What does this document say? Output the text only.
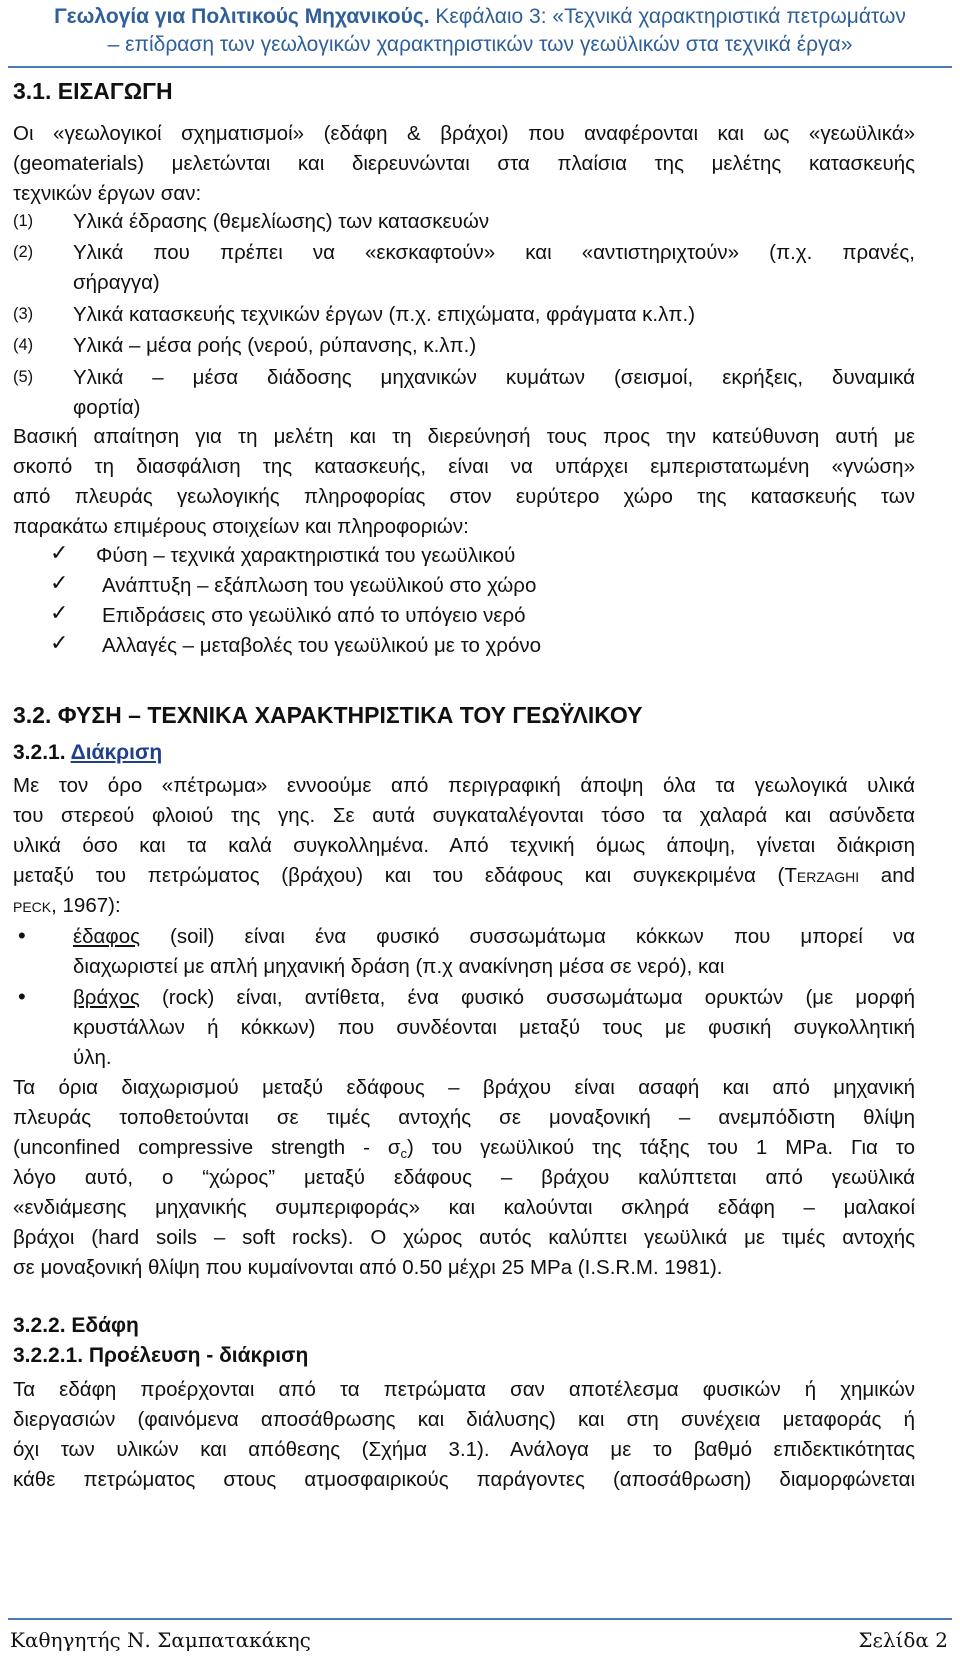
Γεωλογία για Πολιτικούς Μηχανικούς. Κεφάλαιο 3: «Τεχνικά χαρακτηριστικά πετρωμάτων
– επίδραση των γεωλογικών χαρακτηριστικών των γεωϋλικών στα τεχνικά έργα»
3.1. ΕΙΣΑΓΩΓΗ
Οι «γεωλογικοί σχηματισμοί» (εδάφη & βράχοι) που αναφέρονται και ως «γεωϋλικά»
(geomaterials) μελετώνται και διερευνώνται στα πλαίσια της μελέτης κατασκευής
τεχνικών έργων σαν:
(1) Υλικά έδρασης (θεμελίωσης) των κατασκευών
(2) Υλικά που πρέπει να «εκσκαφτούν» και «αντιστηριχτούν» (π.χ. πρανές,
σήραγγα)
(3) Υλικά κατασκευής τεχνικών έργων (π.χ. επιχώματα, φράγματα κ.λπ.)
(4) Υλικά – μέσα ροής (νερού, ρύπανσης, κ.λπ.)
(5) Υλικά – μέσα διάδοσης μηχανικών κυμάτων (σεισμοί, εκρήξεις, δυναμικά
φορτία)
Βασική απαίτηση για τη μελέτη και τη διερεύνησή τους προς την κατεύθυνση αυτή με
σκοπό τη διασφάλιση της κατασκευής, είναι να υπάρχει εμπεριστατωμένη «γνώση»
από πλευράς γεωλογικής πληροφορίας στον ευρύτερο χώρο της κατασκευής των
παρακάτω επιμέρους στοιχείων και πληροφοριών:
✓ Φύση – τεχνικά χαρακτηριστικά του γεωϋλικού
✓ Ανάπτυξη – εξάπλωση του γεωϋλικού στο χώρο
✓ Επιδράσεις στο γεωϋλικό από το υπόγειο νερό
✓ Αλλαγές – μεταβολές του γεωϋλικού με το χρόνο
3.2. ΦΥΣΗ – ΤΕΧΝΙΚΑ ΧΑΡΑΚΤΗΡΙΣΤΙΚΑ ΤΟΥ ΓΕΩΫΛΙΚΟΥ
3.2.1. Διάκριση
Με τον όρο «πέτρωμα» εννοούμε από περιγραφική άποψη όλα τα γεωλογικά υλικά
του στερεού φλοιού της γης. Σε αυτά συγκαταλέγονται τόσο τα χαλαρά και ασύνδετα
υλικά όσο και τα καλά συγκολλημένα. Από τεχνική όμως άποψη, γίνεται διάκριση
μεταξύ του πετρώματος (βράχου) και του εδάφους και συγκεκριμένα (Terzaghi and
peck, 1967):
• έδαφος (soil) είναι ένα φυσικό συσσωμάτωμα κόκκων που μπορεί να
διαχωριστεί με απλή μηχανική δράση (π.χ ανακίνηση μέσα σε νερό), και
• βράχος (rock) είναι, αντίθετα, ένα φυσικό συσσωμάτωμα ορυκτών (με μορφή
κρυστάλλων ή κόκκων) που συνδέονται μεταξύ τους με φυσική συγκολλητική
ύλη.
Τα όρια διαχωρισμού μεταξύ εδάφους – βράχου είναι ασαφή και από μηχανική
πλευράς τοποθετούνται σε τιμές αντοχής σε μοναξονική – ανεμπόδιστη θλίψη
(unconfined compressive strength - $\sigma_c$) του γεωϋλικού της τάξης του 1 MPa. Για το
λόγο αυτό, ο “χώρος” μεταξύ εδάφους – βράχου καλύπτεται από γεωϋλικά
«ενδιάμεσης μηχανικής συμπεριφοράς» και καλούνται σκληρά εδάφη – μαλακοί
βράχοι (hard soils – soft rocks). Ο χώρος αυτός καλύπτει γεωϋλικά με τιμές αντοχής
σε μοναξονική θλίψη που κυμαίνονται από 0.50 μέχρι 25 MPa (I.S.R.M. 1981).
3.2.2. Εδάφη
3.2.2.1. Προέλευση - διάκριση
Τα εδάφη προέρχονται από τα πετρώματα σαν αποτέλεσμα φυσικών ή χημικών
διεργασιών (φαινόμενα αποσάθρωσης και διάλυσης) και στη συνέχεια μεταφοράς ή
όχι των υλικών και απόθεσης (Σχήμα 3.1). Ανάλογα με το βαθμό επιδεκτικότητας
κάθε πετρώματος στους ατμοσφαιρικούς παράγοντες (αποσάθρωση) διαμορφώνεται
Καθηγητής Ν. Σαμπατακάκης	Σελίδα 2
